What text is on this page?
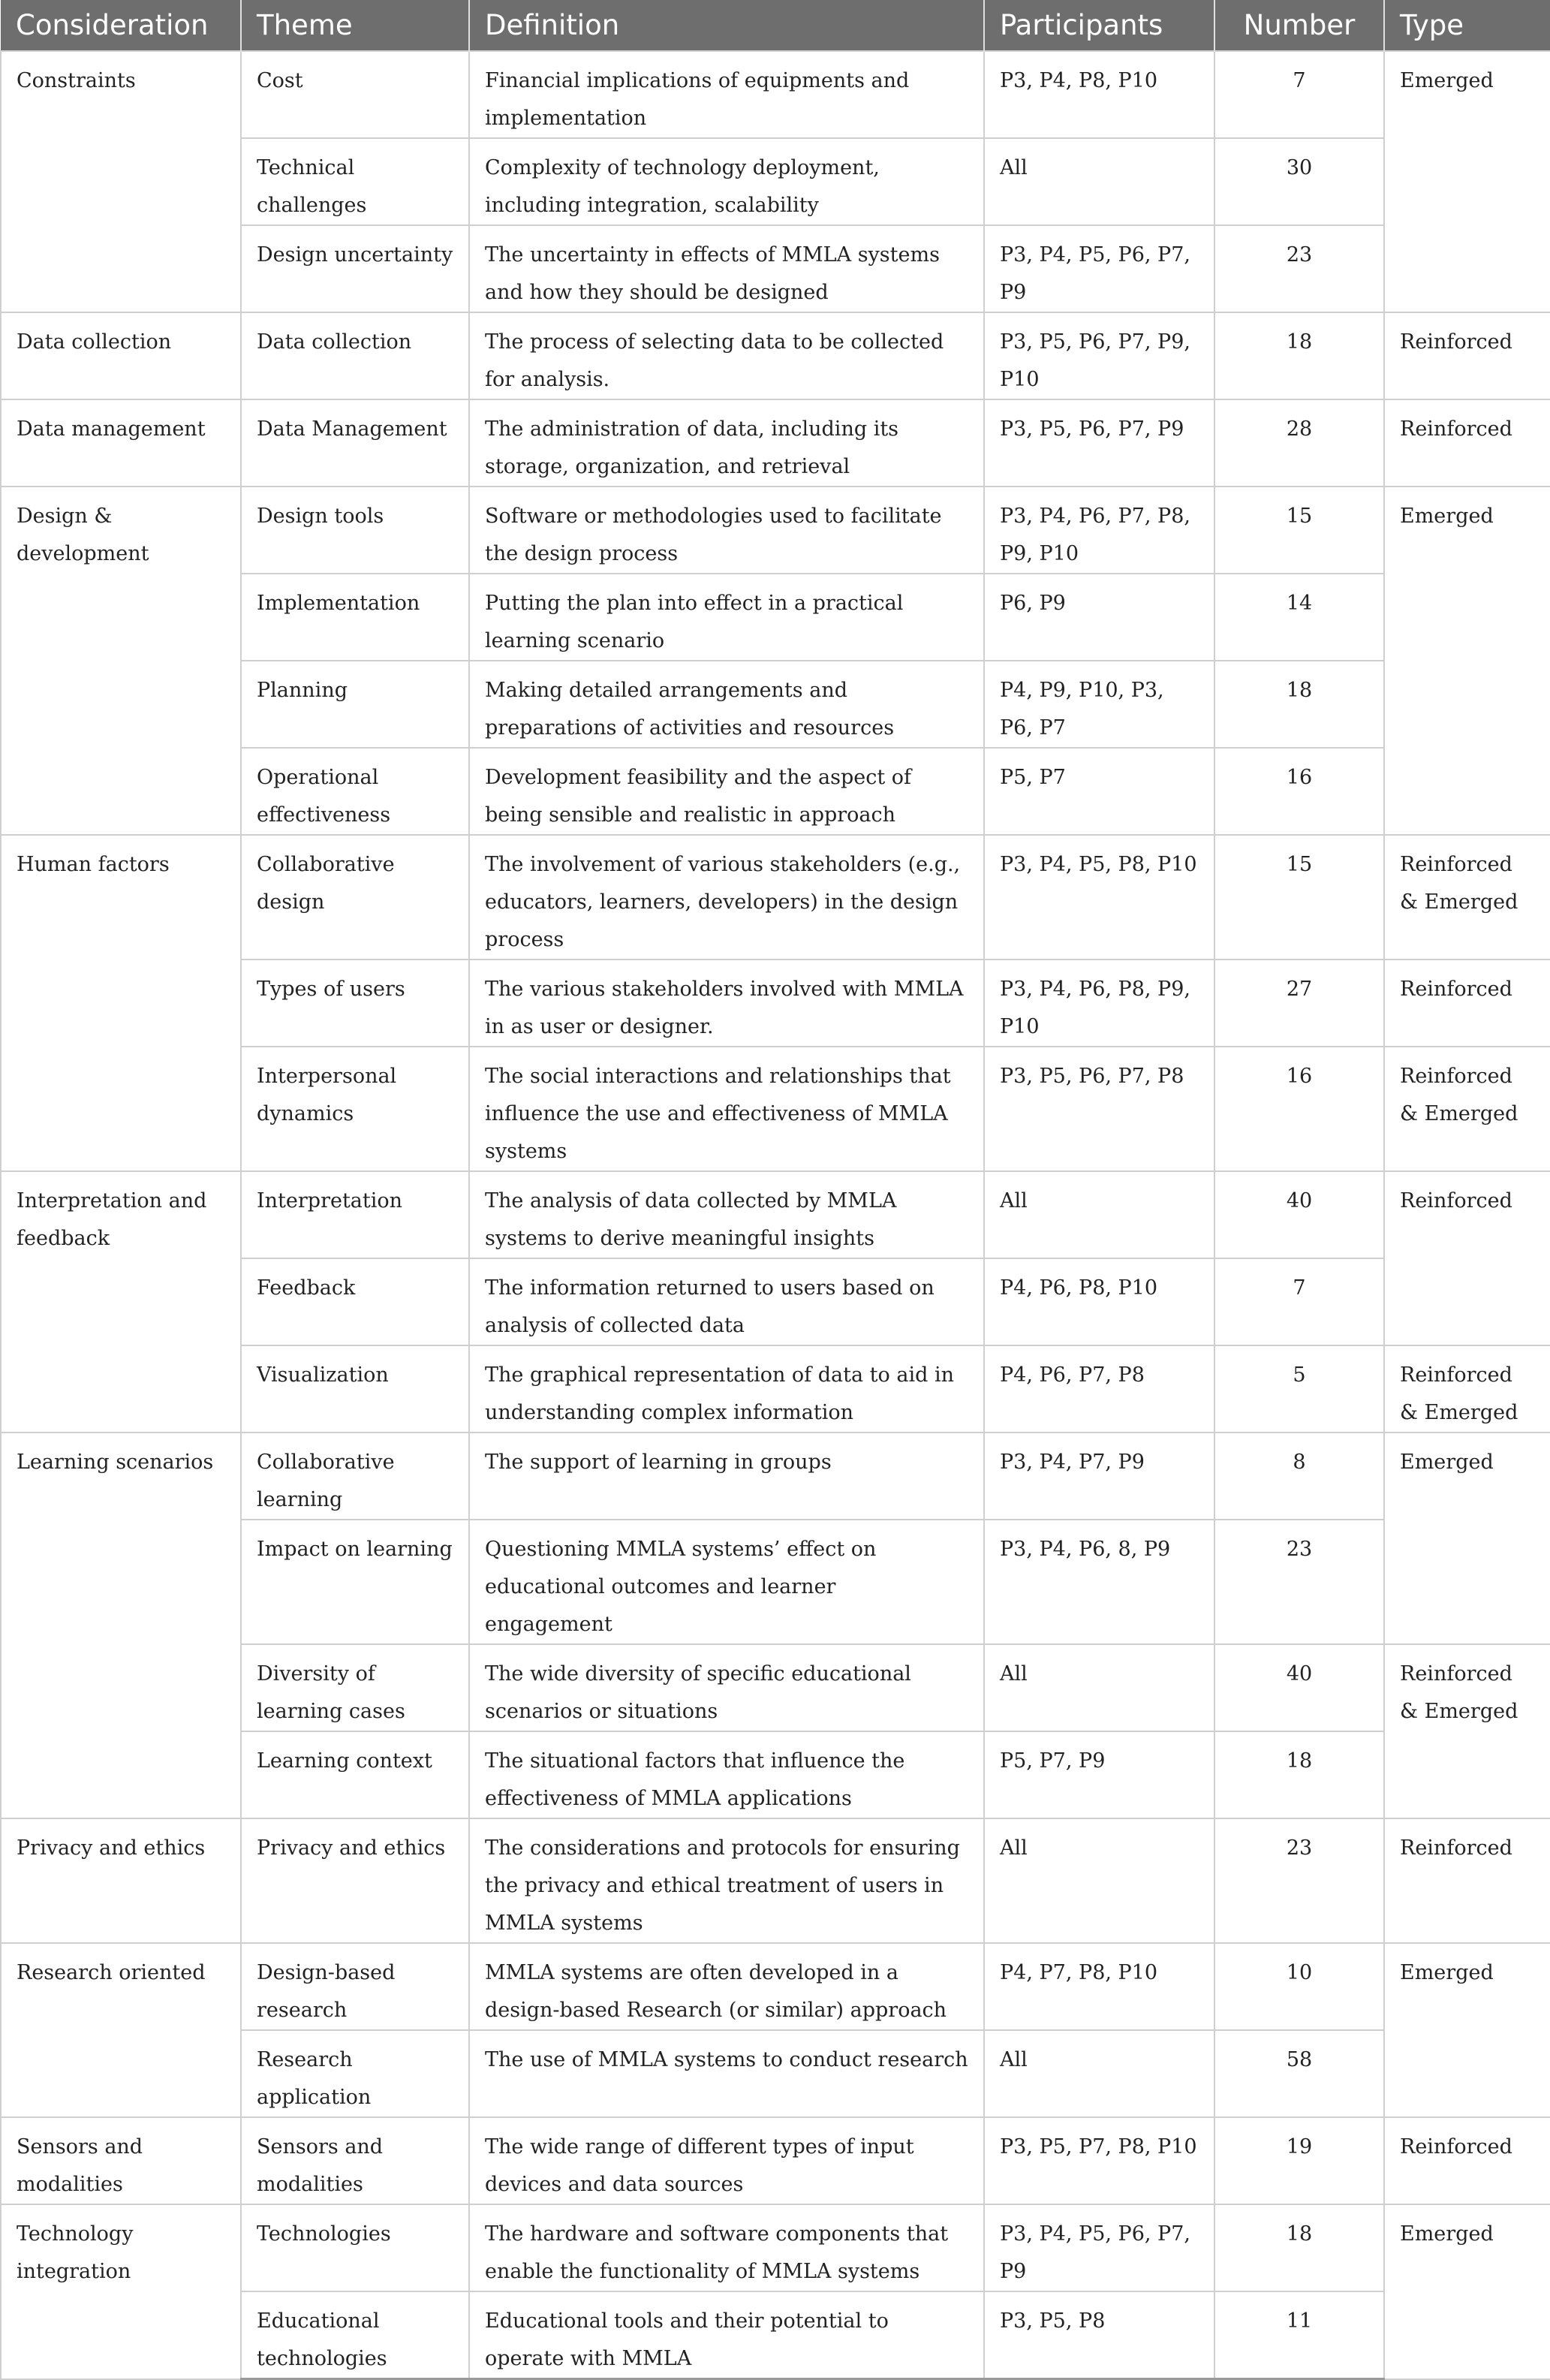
Consideration	Theme	Definition	Participants	Number	Type
Constraints	Cost	Financial implications of equipments and implementation	P3, P4, P8, P10	7	Emerged
	Technical challenges	Complexity of technology deployment, including integration, scalability	All	30	
	Design uncertainty	The uncertainty in effects of MMLA systems and how they should be designed	P3, P4, P5, P6, P7, P9	23	
Data collection	Data collection	The process of selecting data to be collected for analysis.	P3, P5, P6, P7, P9, P10	18	Reinforced
Data management	Data Management	The administration of data, including its storage, organization, and retrieval	P3, P5, P6, P7, P9	28	Reinforced
Design & development	Design tools	Software or methodologies used to facilitate the design process	P3, P4, P6, P7, P8, P9, P10	15	Emerged
	Implementation	Putting the plan into effect in a practical learning scenario	P6, P9	14	
	Planning	Making detailed arrangements and preparations of activities and resources	P4, P9, P10, P3, P6, P7	18	
	Operational effectiveness	Development feasibility and the aspect of being sensible and realistic in approach	P5, P7	16	
Human factors	Collaborative design	The involvement of various stakeholders (e.g., educators, learners, developers) in the design process	P3, P4, P5, P8, P10	15	Reinforced & Emerged
	Types of users	The various stakeholders involved with MMLA in as user or designer.	P3, P4, P6, P8, P9, P10	27	Reinforced
	Interpersonal dynamics	The social interactions and relationships that influence the use and effectiveness of MMLA systems	P3, P5, P6, P7, P8	16	Reinforced & Emerged
Interpretation and feedback	Interpretation	The analysis of data collected by MMLA systems to derive meaningful insights	All	40	Reinforced
	Feedback	The information returned to users based on analysis of collected data	P4, P6, P8, P10	7	
	Visualization	The graphical representation of data to aid in understanding complex information	P4, P6, P7, P8	5	Reinforced & Emerged
Learning scenarios	Collaborative learning	The support of learning in groups	P3, P4, P7, P9	8	Emerged
	Impact on learning	Questioning MMLA systems’ effect on educational outcomes and learner engagement	P3, P4, P6, 8, P9	23	
	Diversity of learning cases	The wide diversity of specific educational scenarios or situations	All	40	Reinforced & Emerged
	Learning context	The situational factors that influence the effectiveness of MMLA applications	P5, P7, P9	18	
Privacy and ethics	Privacy and ethics	The considerations and protocols for ensuring the privacy and ethical treatment of users in MMLA systems	All	23	Reinforced
Research oriented	Design-based research	MMLA systems are often developed in a design-based Research (or similar) approach	P4, P7, P8, P10	10	Emerged
	Research application	The use of MMLA systems to conduct research	All	58	
Sensors and modalities	Sensors and modalities	The wide range of different types of input devices and data sources	P3, P5, P7, P8, P10	19	Reinforced
Technology integration	Technologies	The hardware and software components that enable the functionality of MMLA systems	P3, P4, P5, P6, P7, P9	18	Emerged
	Educational technologies	Educational tools and their potential to operate with MMLA	P3, P5, P8	11	
